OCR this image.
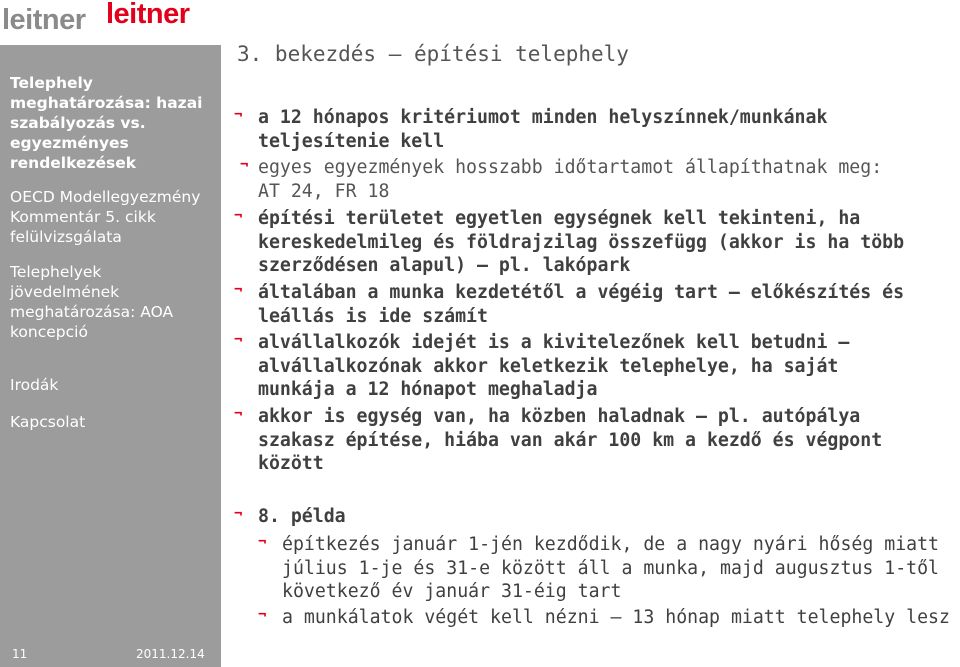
leitner leitner
Telephely meghatározása: hazai szabályozás vs. egyezményes rendelkezések
OECD Modellegyezmény Kommentár 5. cikk felülvizsgálata
Telephelyek jövedelmének meghatározása: AOA koncepció
Irodák
Kapcsolat
11	2011.12.14
3. bekezdés – építési telephely
¬ a 12 hónapos kritériumot minden helyszínnek/munkának
teljesítenie kell
¬ egyes egyezmények hosszabb időtartamot állapíthatnak meg:
AT 24, FR 18
¬ építési területet egyetlen egységnek kell tekinteni, ha
kereskedelmileg és földrajzilag összefügg (akkor is ha több
szerződésen alapul) – pl. lakópark
¬ általában a munka kezdetétől a végéig tart – előkészítés és
leállás is ide számít
¬ alvállalkozók idejét is a kivitelezőnek kell betudni –
alvállalkozónak akkor keletkezik telephelye, ha saját
munkája a 12 hónapot meghaladja
¬ akkor is egység van, ha közben haladnak – pl. autópálya
szakasz építése, hiába van akár 100 km a kezdő és végpont
között
¬ 8. példa
¬ építkezés január 1-jén kezdődik, de a nagy nyári hőség miatt
július 1-je és 31-e között áll a munka, majd augusztus 1-től
következő év január 31-éig tart
¬ a munkálatok végét kell nézni – 13 hónap miatt telephely lesz
